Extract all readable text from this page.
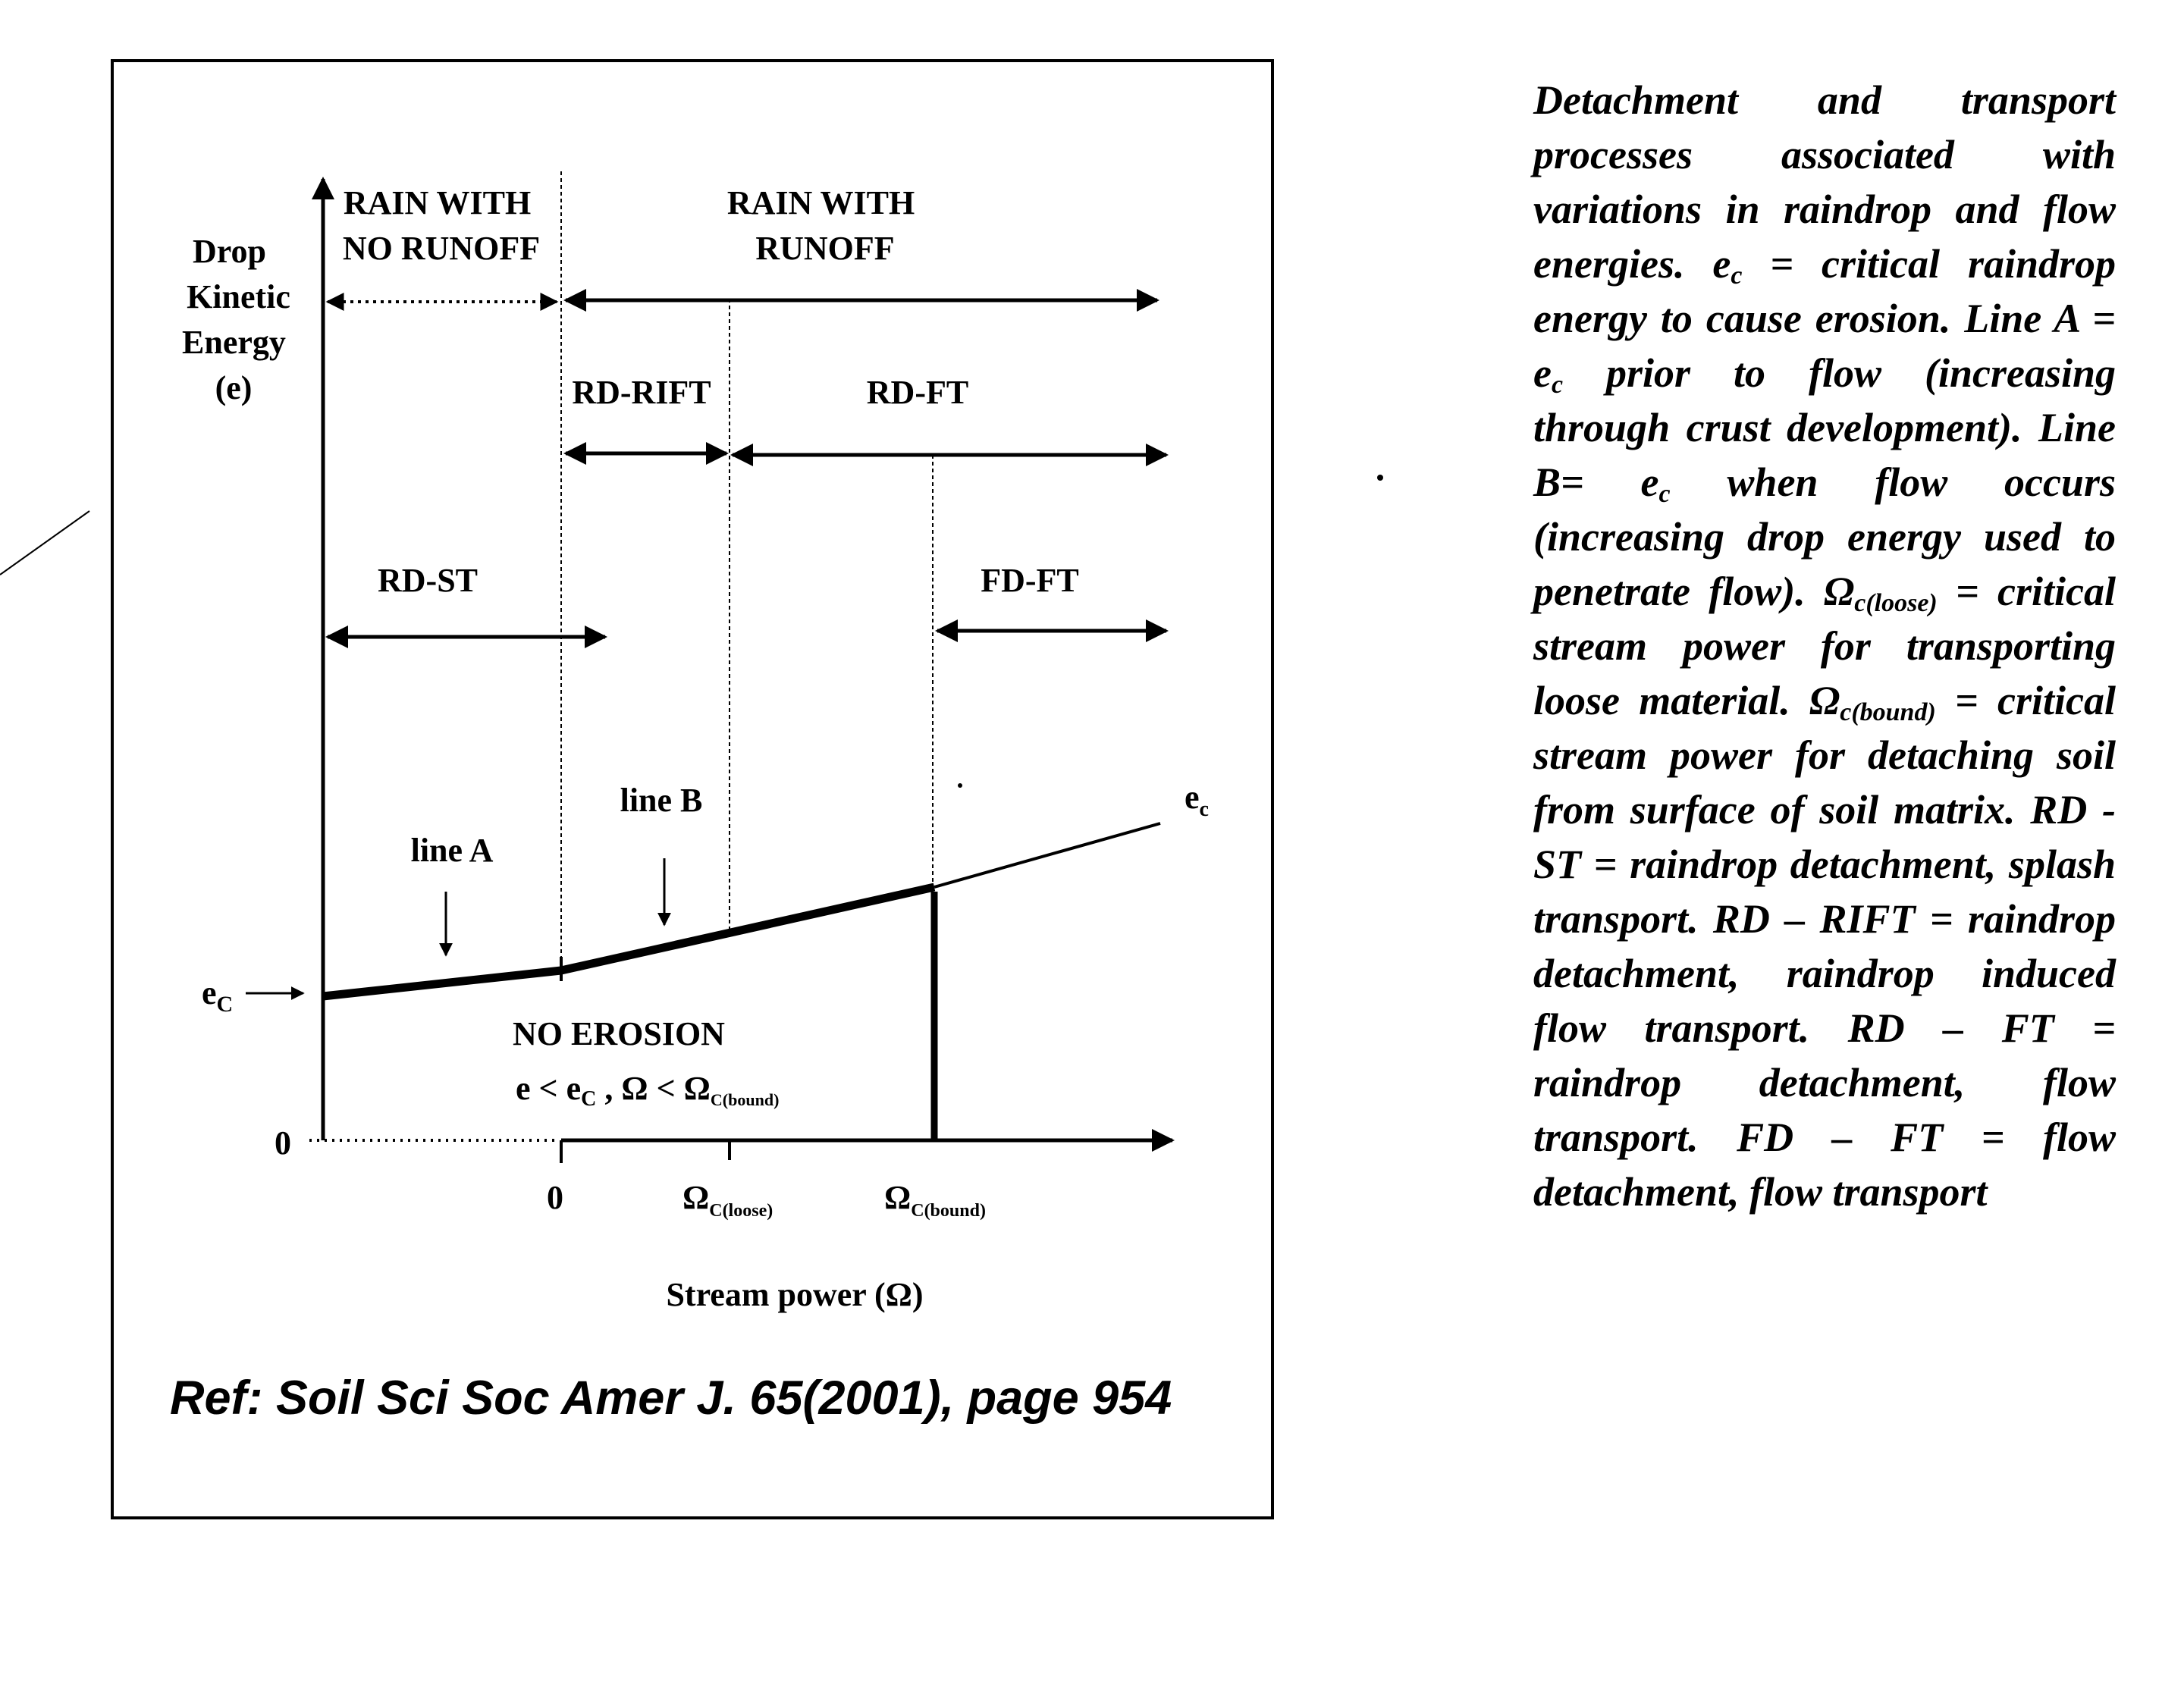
Drop Kinetic Energy (e)
RAIN WITH NO RUNOFF
RAIN WITH RUNOFF
RD-RIFT	RD-FT
RD-ST	FD-FT
line A
line B	$e_c$
$e_C$
0
0	$\Omega_{C(loose)}$	$\Omega_{C(bound)}$
NO EROSION
e < eC , Ω < ΩC(bound)
Stream power (Ω)
Ref: Soil Sci Soc Amer J. 65(2001), page 954

Detachment and transport processes associated with variations in raindrop and flow energies. $e_c$ = critical raindrop energy to cause erosion. Line $A = e_c$ prior to flow (increasing through crust development). Line $B= e_c$ when flow occurs (increasing drop energy used to penetrate flow). $\Omega_{c(loose)}$ = critical stream power for transporting loose material. $\Omega_{c(bound)}$ = critical stream power for detaching soil from surface of soil matrix. RD - ST = raindrop detachment, splash transport. RD – RIFT = raindrop detachment, raindrop induced flow transport. RD – FT = raindrop detachment, flow transport. FD – FT = flow detachment, flow transport
